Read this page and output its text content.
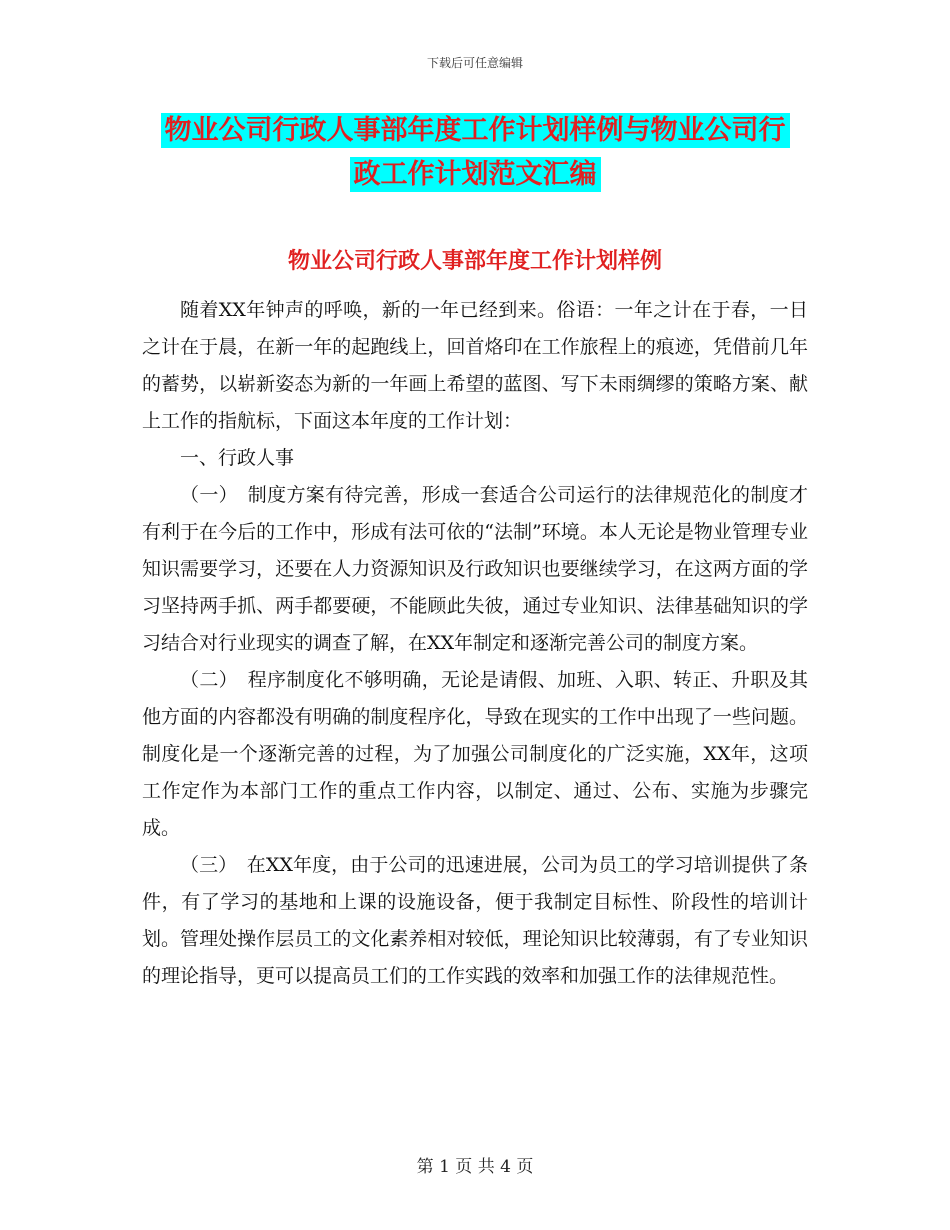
下载后可任意编辑
物业公司行政人事部年度工作计划样例与物业公司行
政工作计划范文汇编
物业公司行政人事部年度工作计划样例

随着XX年钟声的呼唤，新的一年已经到来。俗语：一年之计在于春，一日之计在于晨，在新一年的起跑线上，回首烙印在工作旅程上的痕迹，凭借前几年的蓄势，以崭新姿态为新的一年画上希望的蓝图、写下未雨绸缪的策略方案、献上工作的指航标，下面这本年度的工作计划：

一、行政人事

（一）　制度方案有待完善，形成一套适合公司运行的法律规范化的制度才有利于在今后的工作中，形成有法可依的“法制”环境。本人无论是物业管理专业知识需要学习，还要在人力资源知识及行政知识也要继续学习，在这两方面的学习坚持两手抓、两手都要硬，不能顾此失彼，通过专业知识、法律基础知识的学习结合对行业现实的调查了解，在XX年制定和逐渐完善公司的制度方案。

（二）　程序制度化不够明确，无论是请假、加班、入职、转正、升职及其他方面的内容都没有明确的制度程序化，导致在现实的工作中出现了一些问题。制度化是一个逐渐完善的过程，为了加强公司制度化的广泛实施，XX年，这项工作定作为本部门工作的重点工作内容，以制定、通过、公布、实施为步骤完成。

（三）　在XX年度，由于公司的迅速进展，公司为员工的学习培训提供了条件，有了学习的基地和上课的设施设备，便于我制定目标性、阶段性的培训计划。管理处操作层员工的文化素养相对较低，理论知识比较薄弱，有了专业知识的理论指导，更可以提高员工们的工作实践的效率和加强工作的法律规范性。

第 1 页 共 4 页
